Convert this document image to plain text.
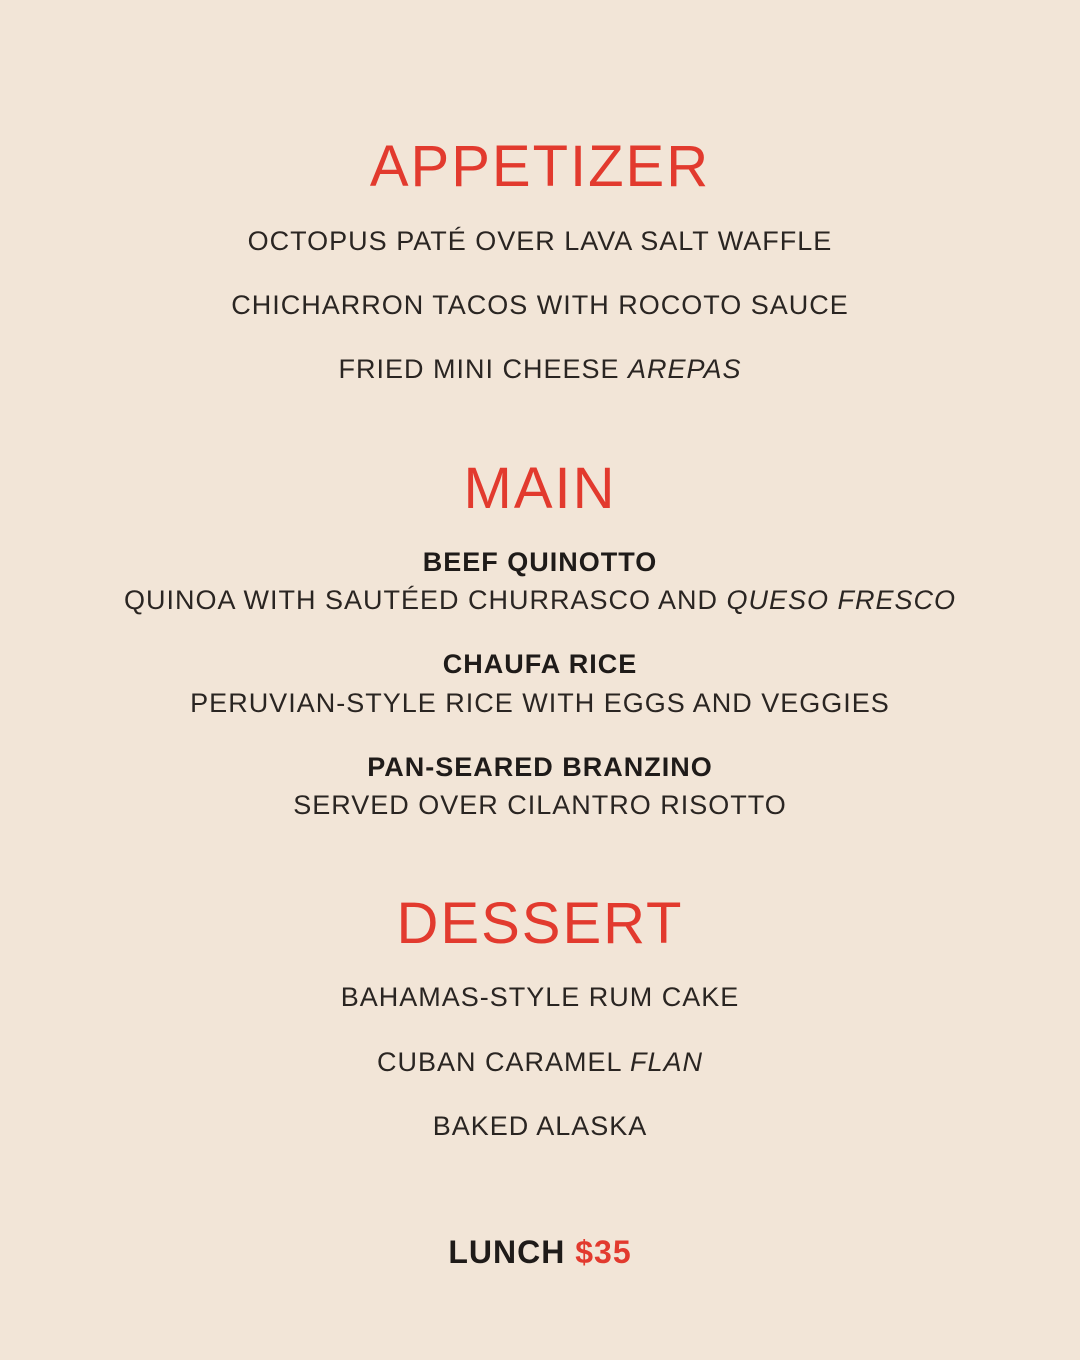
APPETIZER
OCTOPUS PATÉ OVER LAVA SALT WAFFLE
CHICHARRON TACOS WITH ROCOTO SAUCE
FRIED MINI CHEESE AREPAS
MAIN
BEEF QUINOTTO
QUINOA WITH SAUTÉED CHURRASCO AND QUESO FRESCO
CHAUFA RICE
PERUVIAN-STYLE RICE WITH EGGS AND VEGGIES
PAN-SEARED BRANZINO
SERVED OVER CILANTRO RISOTTO
DESSERT
BAHAMAS-STYLE RUM CAKE
CUBAN CARAMEL FLAN
BAKED ALASKA
LUNCH $35
